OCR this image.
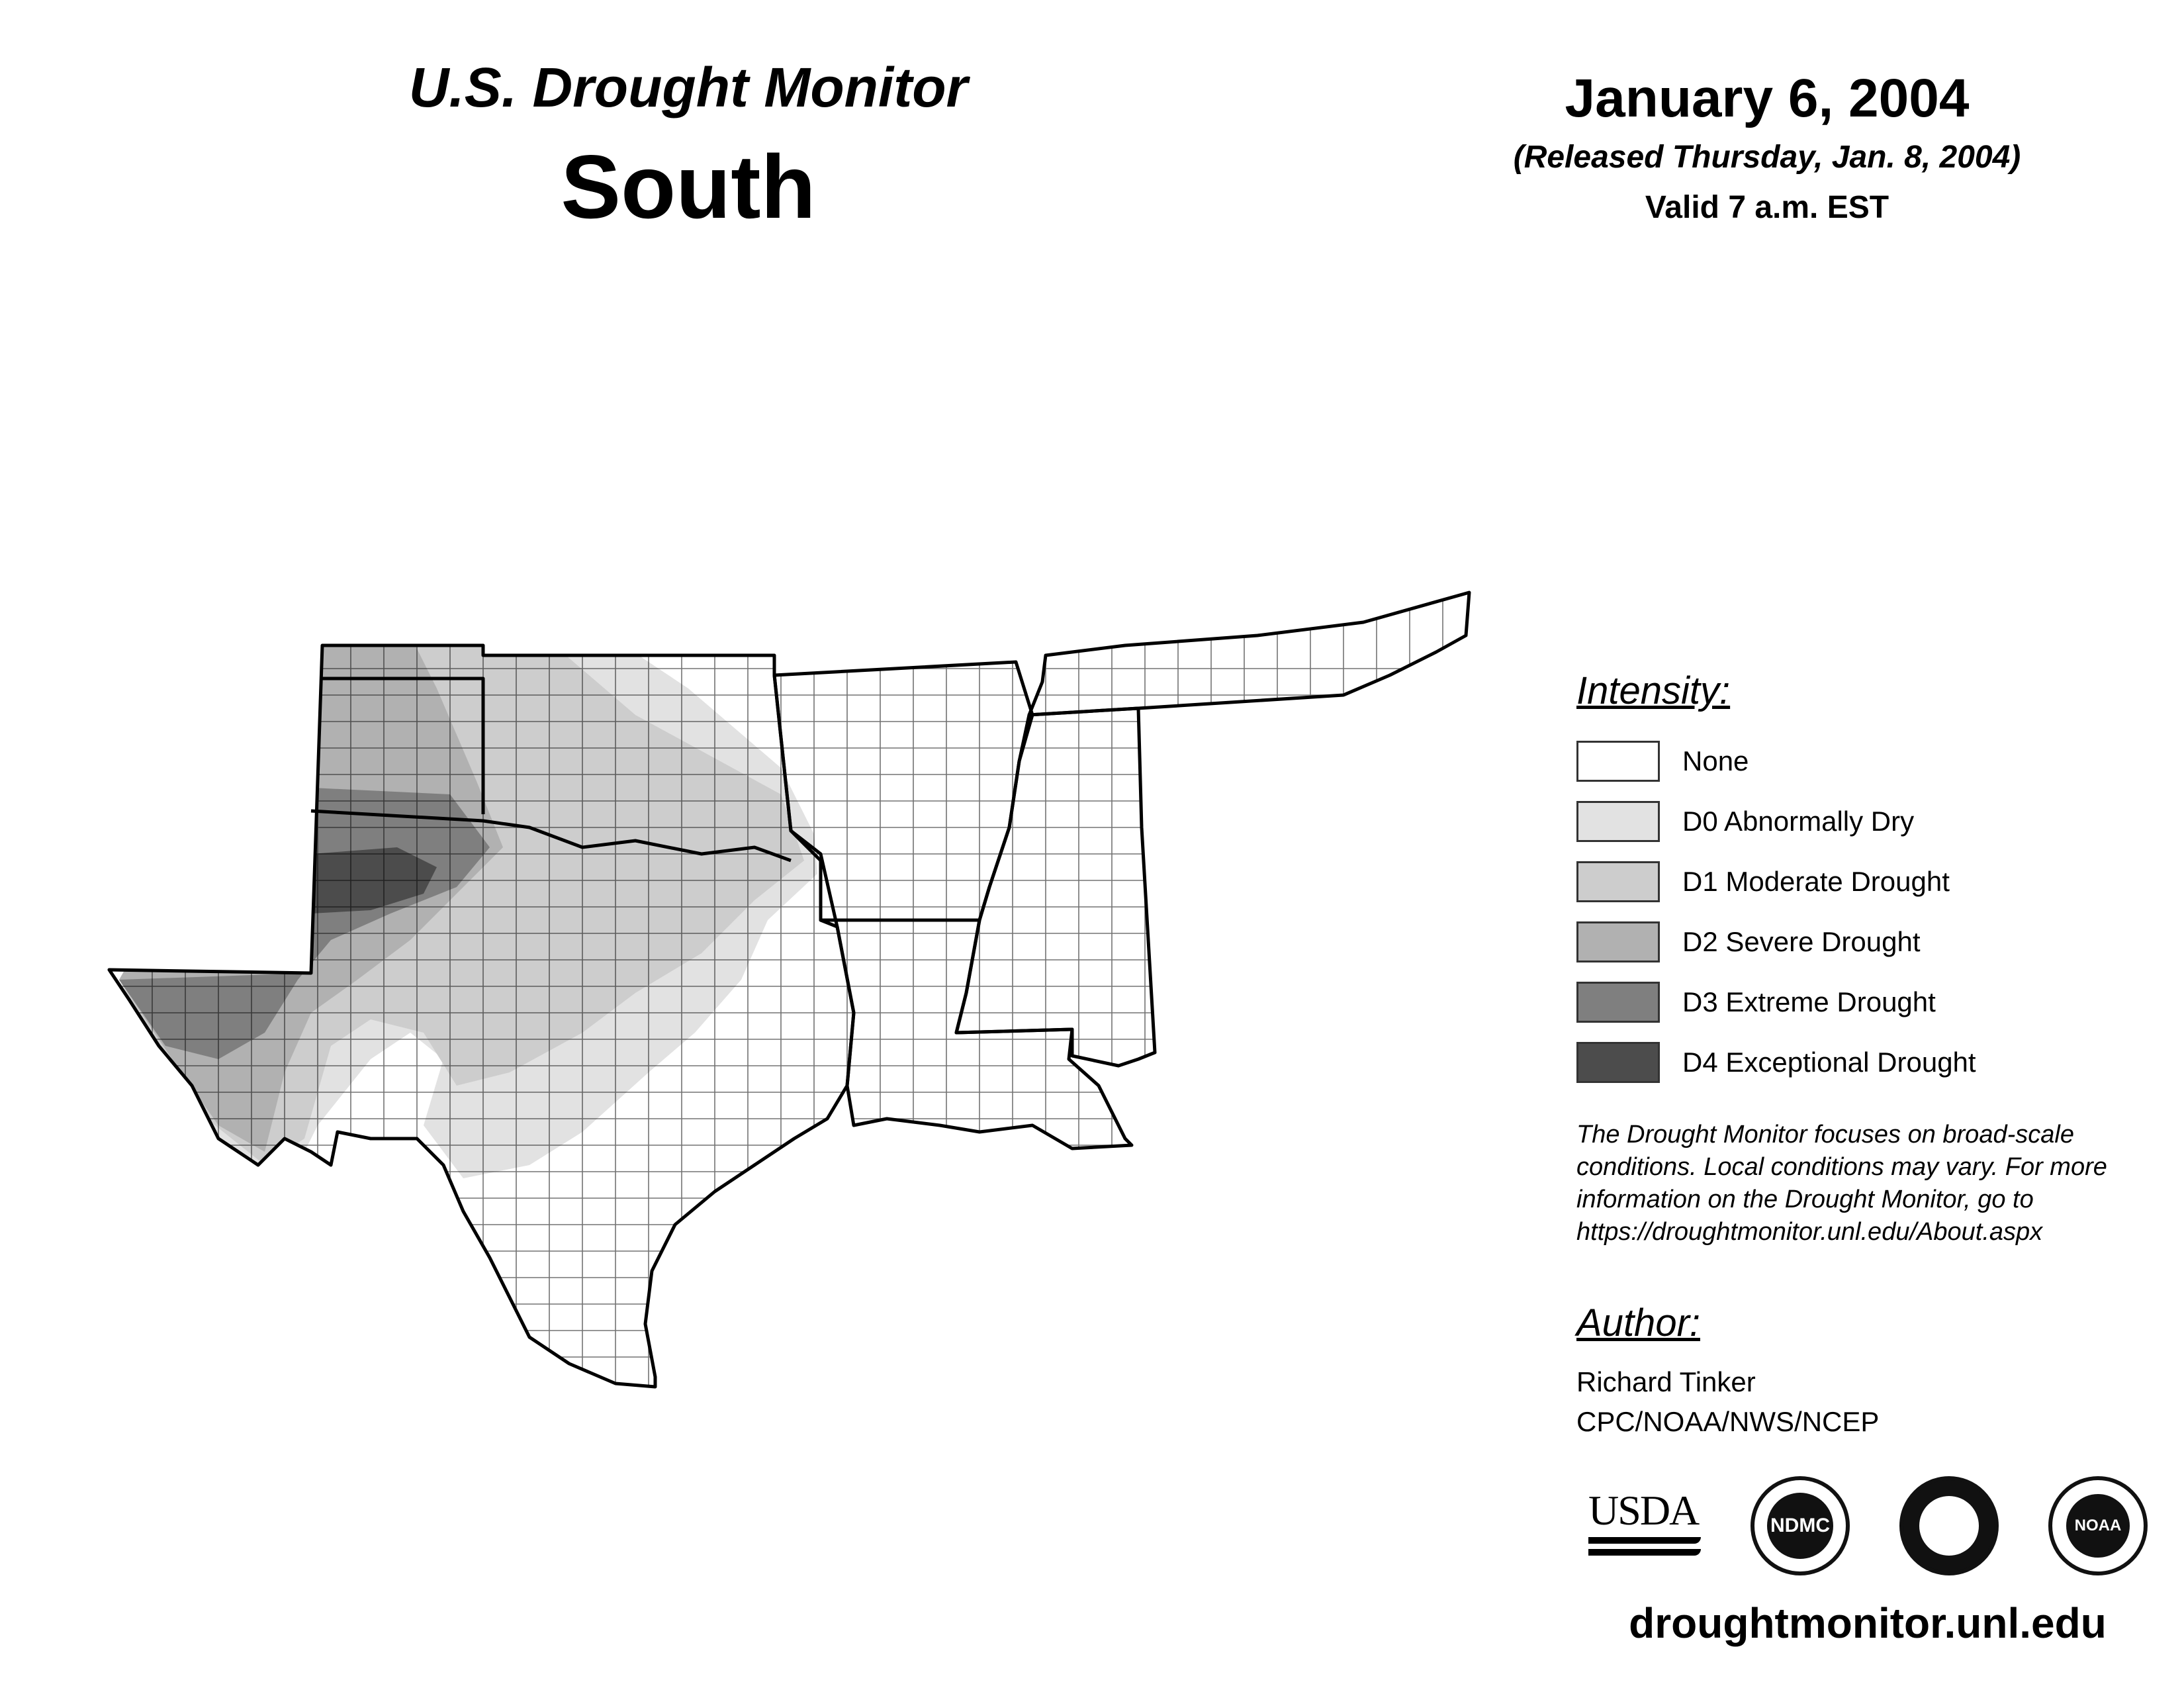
U.S. Drought Monitor
South
January 6, 2004
(Released Thursday, Jan. 8, 2004)
Valid 7 a.m. EST
Intensity:
None
D0 Abnormally Dry
D1 Moderate Drought
D2 Severe Drought
D3 Extreme Drought
D4 Exceptional Drought
The Drought Monitor focuses on broad-scale
conditions. Local conditions may vary. For more
information on the Drought Monitor, go to
https://droughtmonitor.unl.edu/About.aspx
Author:
Richard Tinker
CPC/NOAA/NWS/NCEP
USDA	NDMC	NOAA
droughtmonitor.unl.edu
